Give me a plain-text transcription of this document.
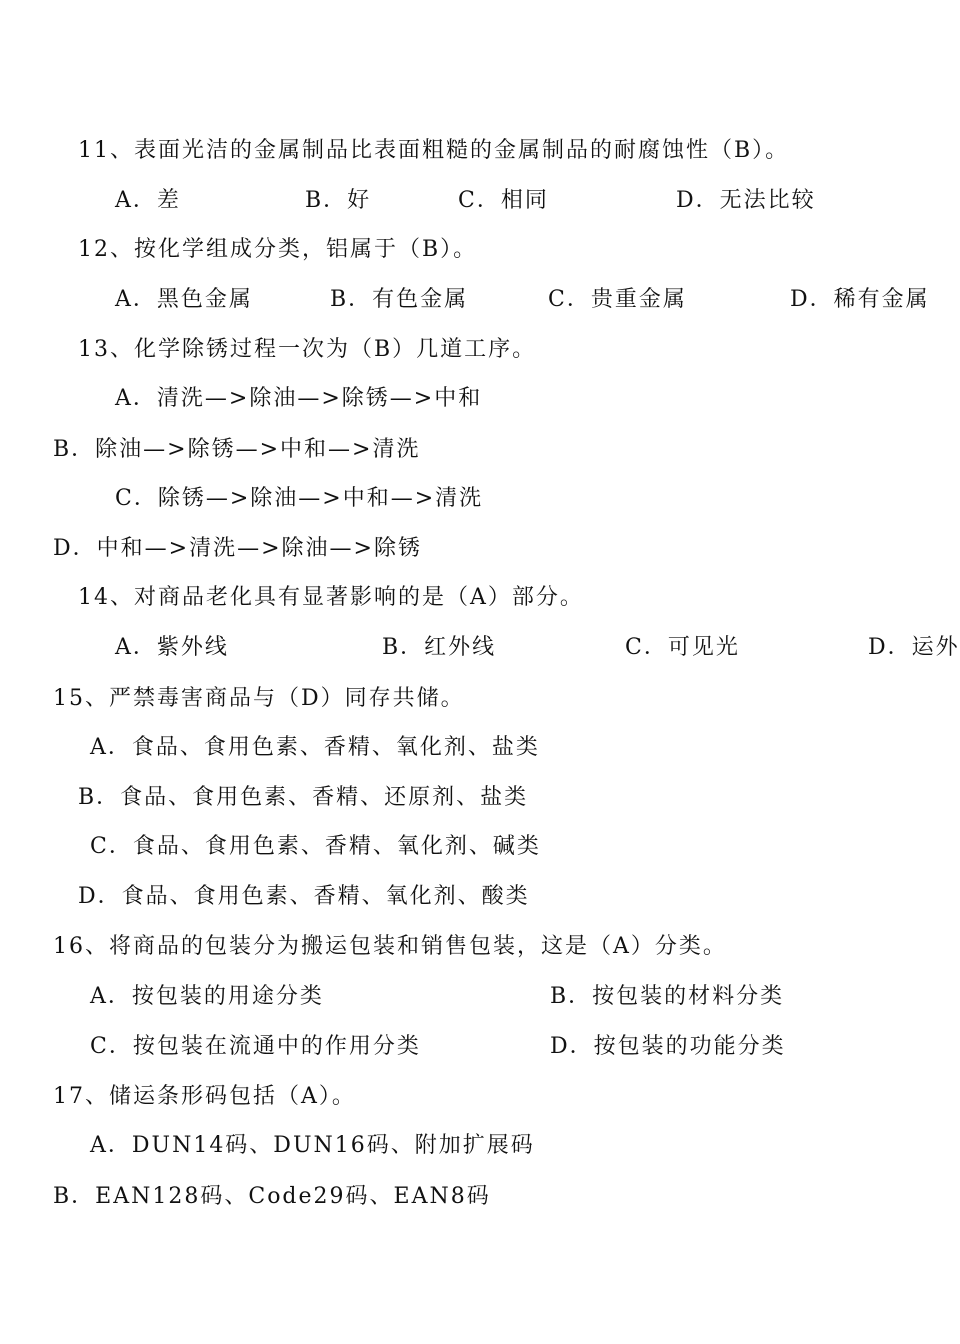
11、表面光洁的金属制品比表面粗糙的金属制品的耐腐蚀性（B）。
A．差	B．好	C．相同	D．无法比较
12、按化学组成分类，铝属于（B）。
A．黑色金属	B．有色金属	C．贵重金属	D．稀有金属
13、化学除锈过程一次为（B）几道工序。
A．清洗—>除油—>除锈—>中和
B．除油—>除锈—>中和—>清洗
C．除锈—>除油—>中和—>清洗
D．中和—>清洗—>除油—>除锈
14、对商品老化具有显著影响的是（A）部分。
A．紫外线	B．红外线	C．可见光	D．运外
15、严禁毒害商品与（D）同存共储。
A．食品、食用色素、香精、氧化剂、盐类
B．食品、食用色素、香精、还原剂、盐类
C．食品、食用色素、香精、氧化剂、碱类
D．食品、食用色素、香精、氧化剂、酸类
16、将商品的包装分为搬运包装和销售包装，这是（A）分类。
A．按包装的用途分类	B．按包装的材料分类
C．按包装在流通中的作用分类	D．按包装的功能分类
17、储运条形码包括（A）。
A．DUN14码、DUN16码、附加扩展码
B．EAN128码、Code29码、EAN8码
